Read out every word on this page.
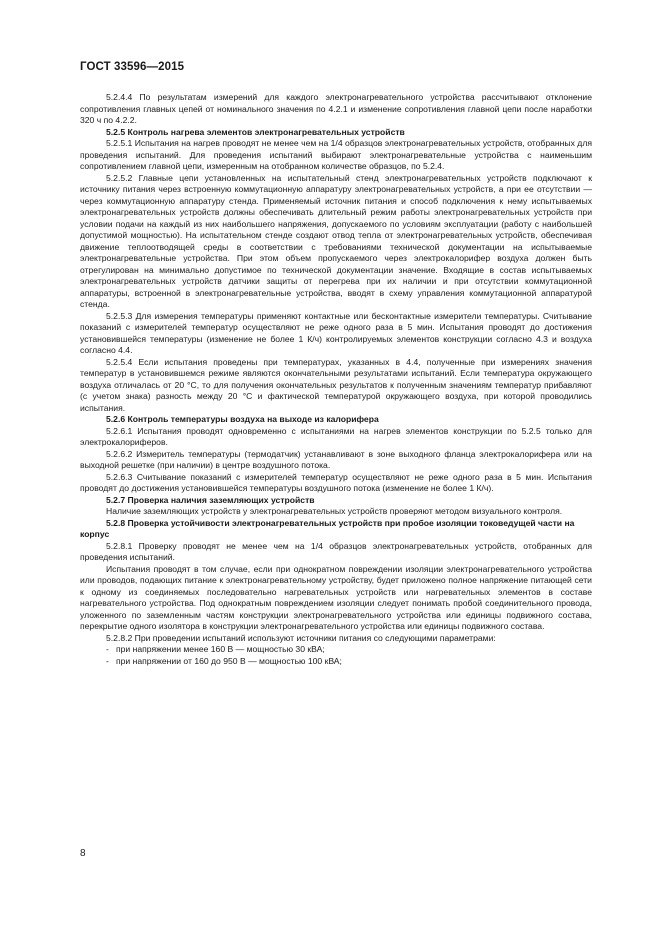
ГОСТ 33596—2015

5.2.4.4 По результатам измерений для каждого электронагревательного устройства рассчитывают отклонение сопротивления главных цепей от номинального значения по 4.2.1 и изменение сопротивления главной цепи после наработки 320 ч по 4.2.2.

5.2.5 Контроль нагрева элементов электронагревательных устройств

5.2.5.1 Испытания на нагрев проводят не менее чем на 1/4 образцов электронагревательных устройств, отобранных для проведения испытаний. Для проведения испытаний выбирают электронагревательные устройства с наименьшим сопротивлением главной цепи, измеренным на отобранном количестве образцов, по 5.2.4.

5.2.5.2 Главные цепи установленных на испытательный стенд электронагревательных устройств подключают к источнику питания через встроенную коммутационную аппаратуру электронагревательных устройств, а при ее отсутствии — через коммутационную аппаратуру стенда. Применяемый источник питания и способ подключения к нему испытываемых электронагревательных устройств должны обеспечивать длительный режим работы электронагревательных устройств при условии подачи на каждый из них наибольшего напряжения, допускаемого по условиям эксплуатации (работу с наибольшей допустимой мощностью). На испытательном стенде создают отвод тепла от электронагревательных устройств, обеспечивая движение теплоотводящей среды в соответствии с требованиями технической документации на испытываемые электронагревательные устройства. При этом объем пропускаемого через электрокалорифер воздуха должен быть отрегулирован на минимально допустимое по технической документации значение. Входящие в состав испытываемых электронагревательных устройств датчики защиты от перегрева при их наличии и при отсутствии коммутационной аппаратуры, встроенной в электронагревательные устройства, вводят в схему управления коммутационной аппаратурой стенда.

5.2.5.3 Для измерения температуры применяют контактные или бесконтактные измерители температуры. Считывание показаний с измерителей температур осуществляют не реже одного раза в 5 мин. Испытания проводят до достижения установившейся температуры (изменение не более 1 К/ч) контролируемых элементов конструкции согласно 4.3 и воздуха согласно 4.4.

5.2.5.4 Если испытания проведены при температурах, указанных в 4.4, полученные при измерениях значения температур в установившемся режиме являются окончательными результатами испытаний. Если температура окружающего воздуха отличалась от 20 °С, то для получения окончательных результатов к полученным значениям температур прибавляют (с учетом знака) разность между 20 °С и фактической температурой окружающего воздуха, при которой проводились испытания.

5.2.6 Контроль температуры воздуха на выходе из калорифера

5.2.6.1 Испытания проводят одновременно с испытаниями на нагрев элементов конструкции по 5.2.5 только для электрокалориферов.

5.2.6.2 Измеритель температуры (термодатчик) устанавливают в зоне выходного фланца электрокалорифера или на выходной решетке (при наличии) в центре воздушного потока.

5.2.6.3 Считывание показаний с измерителей температур осуществляют не реже одного раза в 5 мин. Испытания проводят до достижения установившейся температуры воздушного потока (изменение не более 1 К/ч).

5.2.7 Проверка наличия заземляющих устройств

Наличие заземляющих устройств у электронагревательных устройств проверяют методом визуального контроля.

5.2.8 Проверка устойчивости электронагревательных устройств при пробое изоляции токоведущей части на корпус

5.2.8.1 Проверку проводят не менее чем на 1/4 образцов электронагревательных устройств, отобранных для проведения испытаний.

Испытания проводят в том случае, если при однократном повреждении изоляции электронагревательного устройства или проводов, подающих питание к электронагревательному устройству, будет приложено полное напряжение питающей сети к одному из соединяемых последовательно нагревательных устройств или нагревательных элементов в составе нагревательного устройства. Под однократным повреждением изоляции следует понимать пробой соединительного провода, уложенного по заземленным частям конструкции электронагревательного устройства или единицы подвижного состава, перекрытие одного изолятора в конструкции электронагревательного устройства или единицы подвижного состава.

5.2.8.2 При проведении испытаний используют источники питания со следующими параметрами:

- при напряжении менее 160 В — мощностью 30 кВА;

- при напряжении от 160 до 950 В — мощностью 100 кВА;

8
